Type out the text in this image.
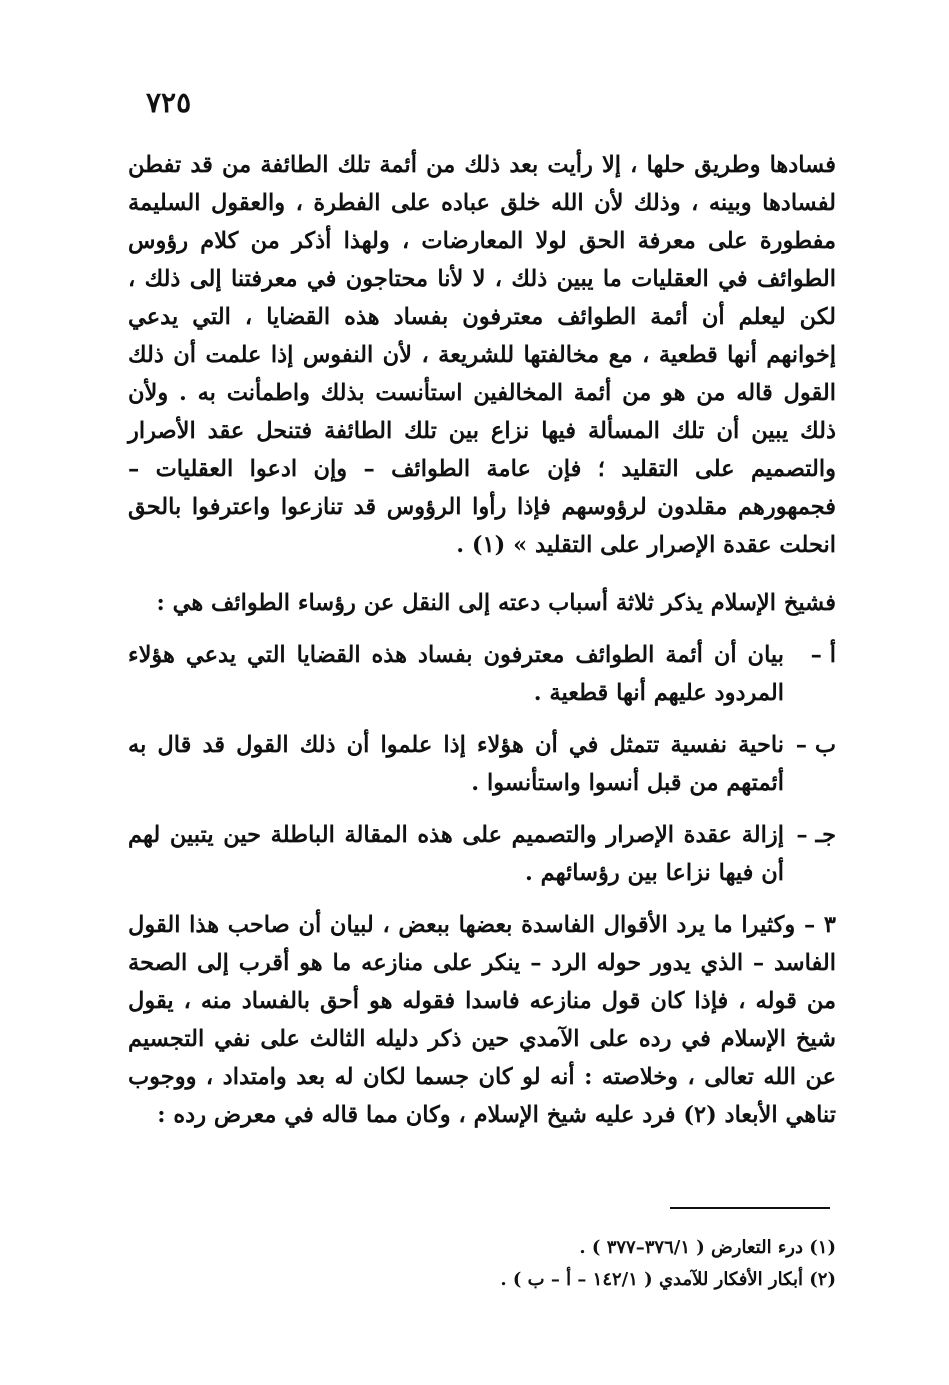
٧٢٥

فسادها وطريق حلها ، إلا رأيت بعد ذلك من أئمة تلك الطائفة من قد تفطن لفسادها وبينه ، وذلك لأن الله خلق عباده على الفطرة ، والعقول السليمة مفطورة على معرفة الحق لولا المعارضات ، ولهذا أذكر من كلام رؤوس الطوائف في العقليات ما يبين ذلك ، لا لأنا محتاجون في معرفتنا إلى ذلك ، لكن ليعلم أن أئمة الطوائف معترفون بفساد هذه القضايا ، التي يدعي إخوانهم أنها قطعية ، مع مخالفتها للشريعة ، لأن النفوس إذا علمت أن ذلك القول قاله من هو من أئمة المخالفين استأنست بذلك واطمأنت به . ولأن ذلك يبين أن تلك المسألة فيها نزاع بين تلك الطائفة فتنحل عقد الأصرار والتصميم على التقليد ؛ فإن عامة الطوائف – وإن ادعوا العقليات – فجمهورهم مقلدون لرؤوسهم فإذا رأوا الرؤوس قد تنازعوا واعترفوا بالحق انحلت عقدة الإصرار على التقليد » (١) .

فشيخ الإسلام يذكر ثلاثة أسباب دعته إلى النقل عن رؤساء الطوائف هي :

أ –
بيان أن أئمة الطوائف معترفون بفساد هذه القضايا التي يدعي هؤلاء المردود عليهم أنها قطعية .
ب –
ناحية نفسية تتمثل في أن هؤلاء إذا علموا أن ذلك القول قد قال به أئمتهم من قبل أنسوا واستأنسوا .
جـ –
إزالة عقدة الإصرار والتصميم على هذه المقالة الباطلة حين يتبين لهم أن فيها نزاعا بين رؤسائهم .

٣ – وكثيرا ما يرد الأقوال الفاسدة بعضها ببعض ، لبيان أن صاحب هذا القول الفاسد – الذي يدور حوله الرد – ينكر على منازعه ما هو أقرب إلى الصحة من قوله ، فإذا كان قول منازعه فاسدا فقوله هو أحق بالفساد منه ، يقول شيخ الإسلام في رده على الآمدي حين ذكر دليله الثالث على نفي التجسيم عن الله تعالى ، وخلاصته : أنه لو كان جسما لكان له بعد وامتداد ، ووجوب تناهي الأبعاد (٢) فرد عليه شيخ الإسلام ، وكان مما قاله في معرض رده :

(١) درء التعارض ( ٣٧٦/١–٣٧٧ ) .

(٢) أبكار الأفكار للآمدي ( ١٤٢/١ – أ – ب ) .
